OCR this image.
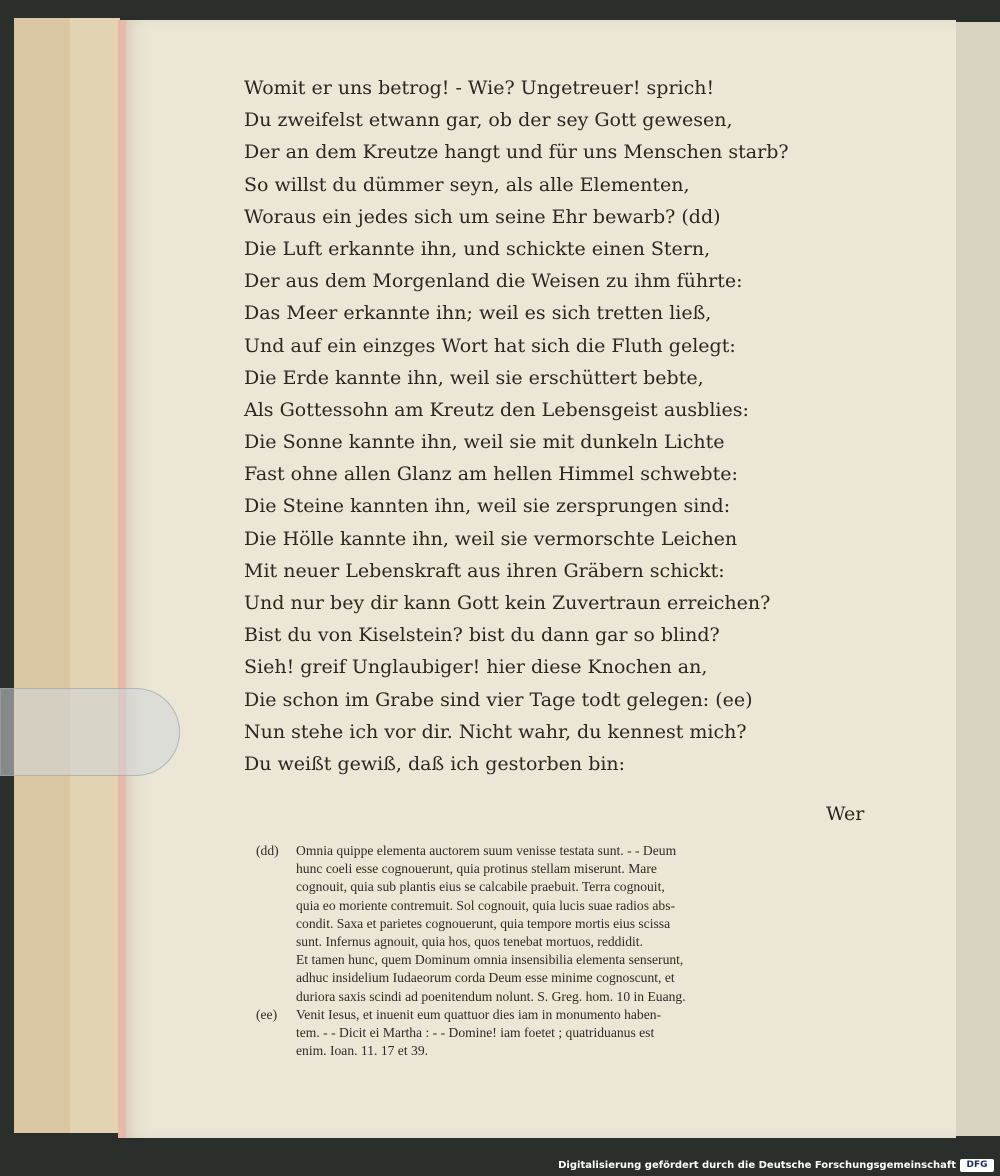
Womit er uns betrog! - Wie? Ungetreuer! sprich!
Du zweifelst etwann gar, ob der sey Gott gewesen,
Der an dem Kreutze hangt und für uns Menschen starb?
So willst du dümmer seyn, als alle Elementen,
Woraus ein jedes sich um seine Ehr bewarb? (dd)
Die Luft erkannte ihn, und schickte einen Stern,
Der aus dem Morgenland die Weisen zu ihm führte:
Das Meer erkannte ihn; weil es sich tretten ließ,
Und auf ein einzges Wort hat sich die Fluth gelegt:
Die Erde kannte ihn, weil sie erschüttert bebte,
Als Gottessohn am Kreutz den Lebensgeist ausblies:
Die Sonne kannte ihn, weil sie mit dunkeln Lichte
Fast ohne allen Glanz am hellen Himmel schwebte:
Die Steine kannten ihn, weil sie zersprungen sind:
Die Hölle kannte ihn, weil sie vermorschte Leichen
Mit neuer Lebenskraft aus ihren Gräbern schickt:
Und nur bey dir kann Gott kein Zuvertraun erreichen?
Bist du von Kiselstein? bist du dann gar so blind?
Sieh! greif Unglaubiger! hier diese Knochen an,
Die schon im Grabe sind vier Tage todt gelegen: (ee)
Nun stehe ich vor dir. Nicht wahr, du kennest mich?
Du weißt gewiß, daß ich gestorben bin:
Wer
(dd) Omnia quippe elementa auctorem suum venisse testata sunt. - - Deum
hunc coeli esse cognouerunt, quia protinus stellam miserunt. Mare
cognouit, quia sub plantis eius se calcabile praebuit. Terra cognouit,
quia eo moriente contremuit. Sol cognouit, quia lucis suae radios abs-
condit. Saxa et parietes cognouerunt, quia tempore mortis eius scissa
sunt. Infernus agnouit, quia hos, quos tenebat mortuos, reddidit.
Et tamen hunc, quem Dominum omnia insensibilia elementa senserunt,
adhuc insidelium Iudaeorum corda Deum esse minime cognoscunt, et
duriora saxis scindi ad poenitendum nolunt. S. Greg. hom. 10 in Euang.
(ee) Venit Iesus, et inuenit eum quattuor dies iam in monumento haben-
tem. - - Dicit ei Martha : - - Domine! iam foetet ; quatriduanus est
enim. Ioan. 11. 17 et 39.
Digitalisierung gefördert durch die Deutsche Forschungsgemeinschaft	DFG
